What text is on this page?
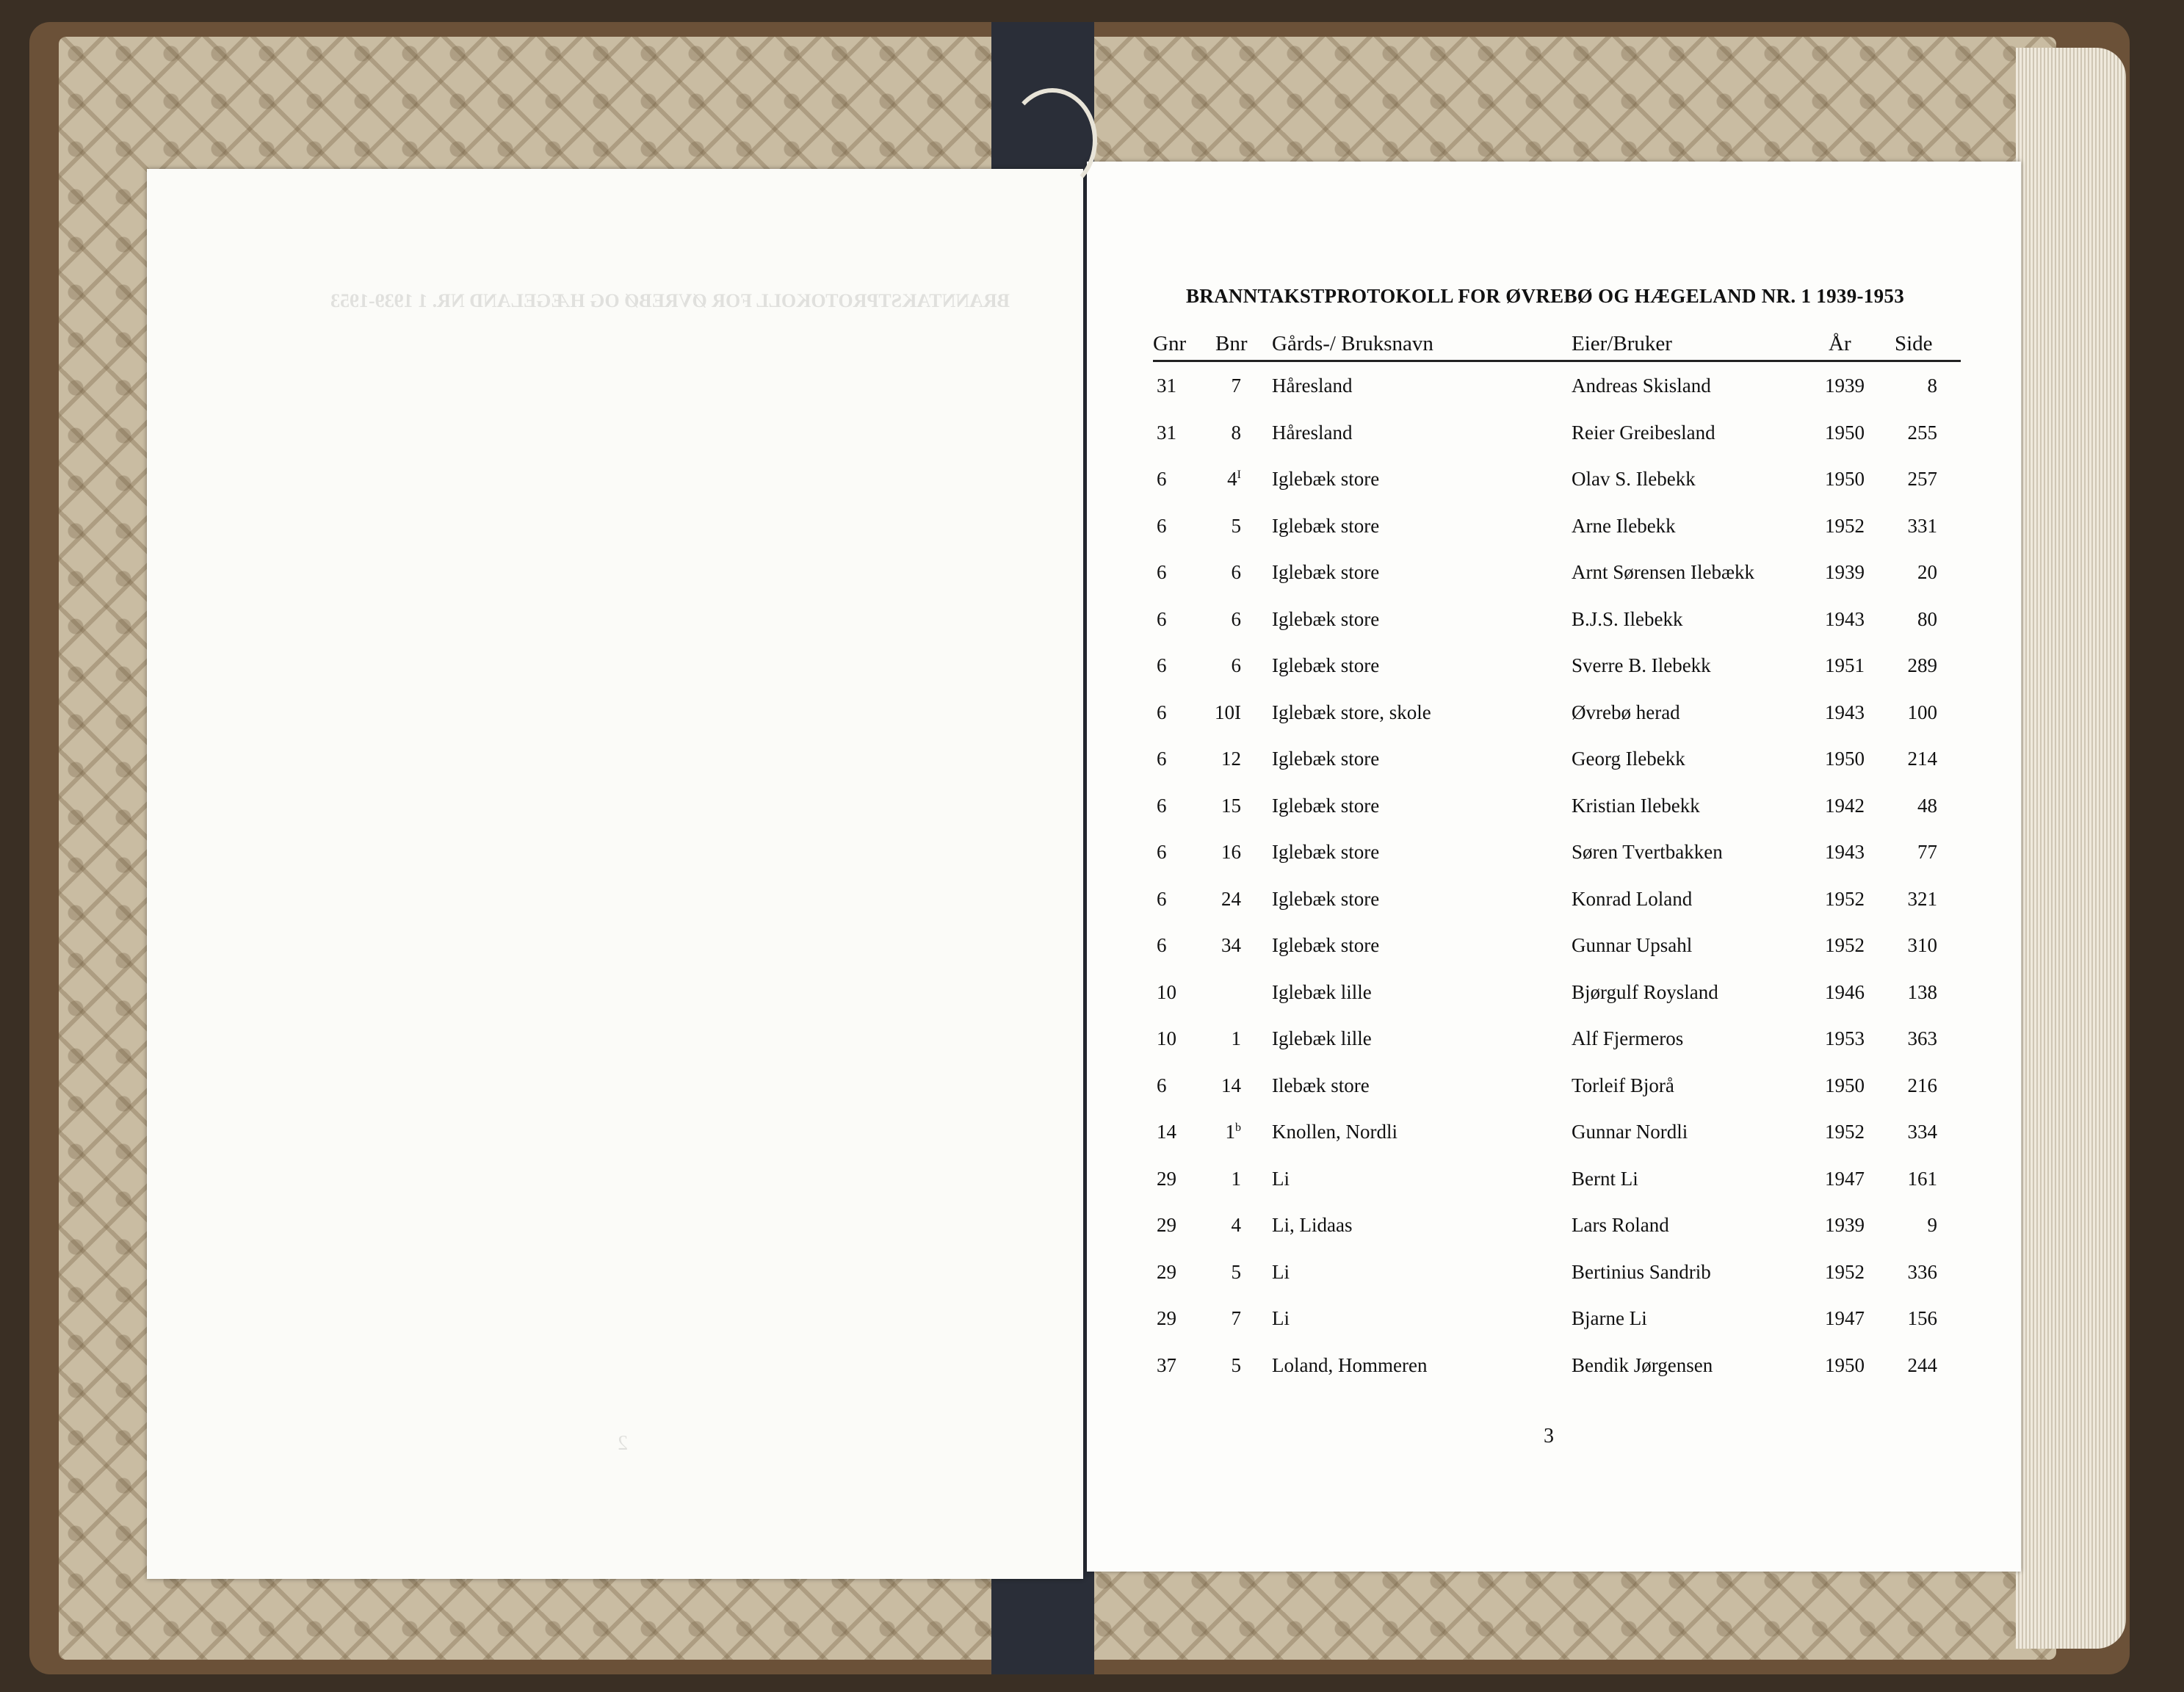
BRANNTAKSTPROTOKOLL FOR ØVREBØ OG HÆGELAND NR. 1 1939-1953
2
BRANNTAKSTPROTOKOLL FOR ØVREBØ OG HÆGELAND NR. 1 1939-1953
Gnr Bnr Gårds-/ Bruksnavn	Eier/Bruker	År Side
31	7 Håresland	Andreas Skisland	1939	8
31	8 Håresland	Reier Greibesland	1950	255
6	$4^I$ Iglebæk store	Olav S. Ilebekk	1950	257
6	5 Iglebæk store	Arne Ilebekk	1952	331
6	6 Iglebæk store	Arnt Sørensen Ilebækk	1939	20
6	6 Iglebæk store	B.J.S. Ilebekk	1943	80
6	6 Iglebæk store	Sverre B. Ilebekk	1951	289
6	10I Iglebæk store, skole	Øvrebø herad	1943	100
6	12 Iglebæk store	Georg Ilebekk	1950	214
6	15 Iglebæk store	Kristian Ilebekk	1942	48
6	16 Iglebæk store	Søren Tvertbakken	1943	77
6	24 Iglebæk store	Konrad Loland	1952	321
6	34 Iglebæk store	Gunnar Upsahl	1952	310
10	Iglebæk lille	Bjørgulf Roysland	1946	138
10	1 Iglebæk lille	Alf Fjermeros	1953	363
6	14 Ilebæk store	Torleif Bjorå	1950	216
14	1$^b$ Knollen, Nordli	Gunnar Nordli	1952	334
29	1 Li	Bernt Li	1947	161
29	4 Li, Lidaas	Lars Roland	1939	9
29	5 Li	Bertinius Sandrib	1952	336
29	7 Li	Bjarne Li	1947	156
37	5 Loland, Hommeren	Bendik Jørgensen	1950	244
3
